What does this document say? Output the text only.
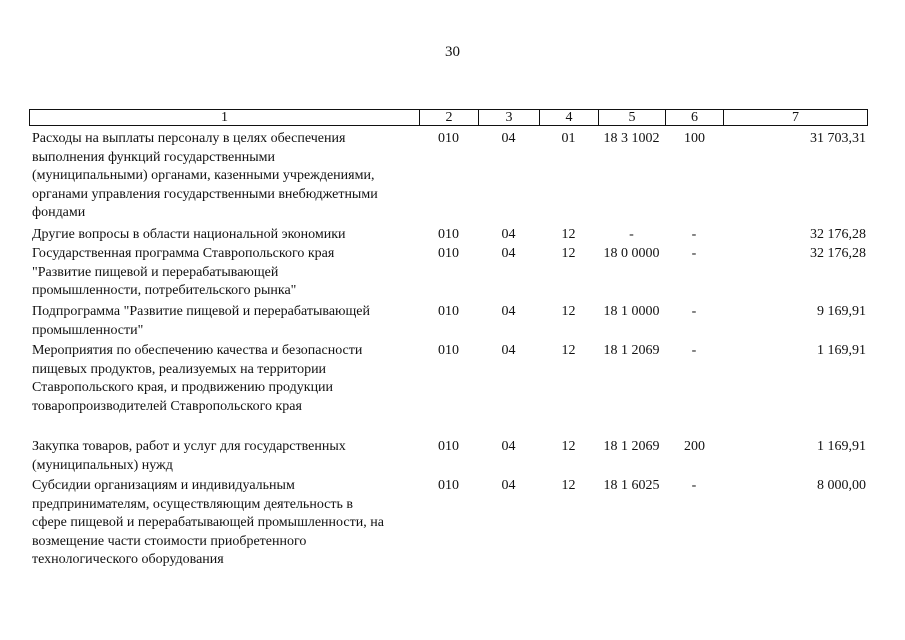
30
1	2	3	4	5	6	7
Расходы на выплаты персоналу в целях обеспечения
выполнения функций государственными
(муниципальными) органами, казенными учреждениями,
органами управления государственными внебюджетными
фондами
010	04	01	18 3 1002	100	31 703,31
Другие вопросы в области национальной экономики	010	04	12	-	-	32 176,28
Государственная программа Ставропольского края
"Развитие пищевой и перерабатывающей
промышленности, потребительского рынка"
010	04	12	18 0 0000	-	32 176,28
Подпрограмма "Развитие пищевой и перерабатывающей
промышленности"
010	04	12	18 1 0000	-	9 169,91
Мероприятия по обеспечению качества и безопасности
пищевых продуктов, реализуемых на территории
Ставропольского края, и продвижению продукции
товаропроизводителей Ставропольского края
010	04	12	18 1 2069	-	1 169,91
Закупка товаров, работ и услуг для государственных
(муниципальных) нужд
010	04	12	18 1 2069	200	1 169,91
Субсидии организациям и индивидуальным
предпринимателям, осуществляющим деятельность в
сфере пищевой и перерабатывающей промышленности, на
возмещение части стоимости приобретенного
технологического оборудования
010	04	12	18 1 6025	-	8 000,00
